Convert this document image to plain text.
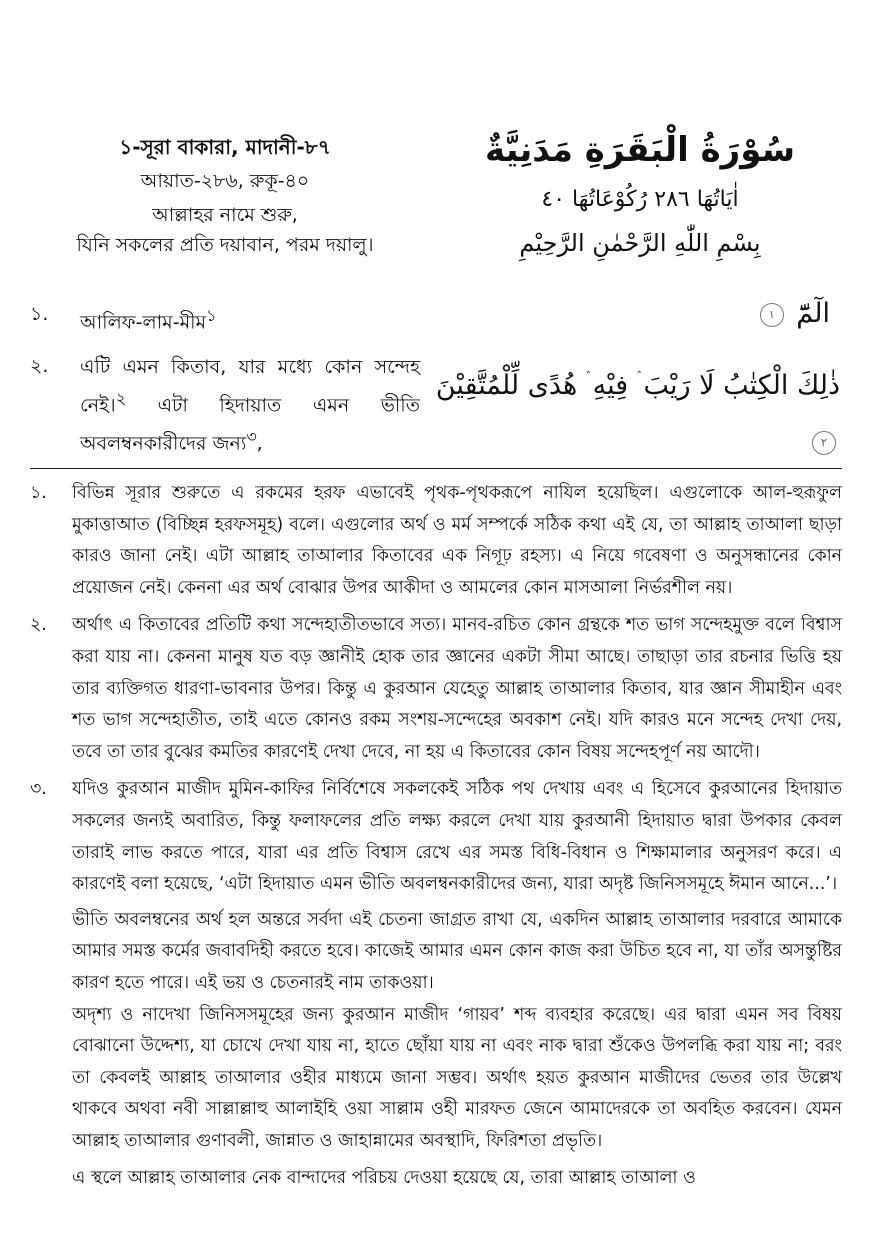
১-সূরা বাকারা, মাদানী-৮৭
আয়াত-২৮৬, রুকূ-৪০
আল্লাহর নামে শুরু,
যিনি সকলের প্রতি দয়াবান, পরম দয়ালু।
سُوْرَةُ الْبَقَرَةِ مَدَنِيَّةٌ
اٰيَاتُهَا ٢٨٦ رُكُوْعَاتُهَا ٤٠
بِسْمِ اللّٰهِ الرَّحْمٰنِ الرَّحِيْمِ
১. আলিফ-লাম-মীম$^১$	الٓمّٓ ١
২. এটি এমন কিতাব, যার মধ্যে কোন সন্দেহ নেই।$^২$ এটা হিদায়াত এমন ভীতি অবলম্বনকারীদের জন্য$^৩$,
ذٰلِكَ الْكِتٰبُ لَا رَيْبَ ۛ فِيْهِ ۛ هُدًى لِّلْمُتَّقِيْنَ ٢
১. বিভিন্ন সূরার শুরুতে এ রকমের হরফ এভাবেই পৃথক-পৃথকরূপে নাযিল হয়েছিল। এগুলোকে আল-হুরূফুল মুকাত্তাআত (বিচ্ছিন্ন হরফসমূহ) বলে। এগুলোর অর্থ ও মর্ম সম্পর্কে সঠিক কথা এই যে, তা আল্লাহ তাআলা ছাড়া কারও জানা নেই। এটা আল্লাহ তাআলার কিতাবের এক নিগূঢ় রহস্য। এ নিয়ে গবেষণা ও অনুসন্ধানের কোন প্রয়োজন নেই। কেননা এর অর্থ বোঝার উপর আকীদা ও আমলের কোন মাসআলা নির্ভরশীল নয়।
২. অর্থাৎ এ কিতাবের প্রতিটি কথা সন্দেহাতীতভাবে সত্য। মানব-রচিত কোন গ্রন্থকে শত ভাগ সন্দেহমুক্ত বলে বিশ্বাস করা যায় না। কেননা মানুষ যত বড় জ্ঞানীই হোক তার জ্ঞানের একটা সীমা আছে। তাছাড়া তার রচনার ভিত্তি হয় তার ব্যক্তিগত ধারণা-ভাবনার উপর। কিন্তু এ কুরআন যেহেতু আল্লাহ তাআলার কিতাব, যার জ্ঞান সীমাহীন এবং শত ভাগ সন্দেহাতীত, তাই এতে কোনও রকম সংশয়-সন্দেহের অবকাশ নেই। যদি কারও মনে সন্দেহ দেখা দেয়, তবে তা তার বুঝের কমতির কারণেই দেখা দেবে, না হয় এ কিতাবের কোন বিষয় সন্দেহপূর্ণ নয় আদৌ।
৩. যদিও কুরআন মাজীদ মুমিন-কাফির নির্বিশেষে সকলকেই সঠিক পথ দেখায় এবং এ হিসেবে কুরআনের হিদায়াত সকলের জন্যই অবারিত, কিন্তু ফলাফলের প্রতি লক্ষ্য করলে দেখা যায় কুরআনী হিদায়াত দ্বারা উপকার কেবল তারাই লাভ করতে পারে, যারা এর প্রতি বিশ্বাস রেখে এর সমস্ত বিধি-বিধান ও শিক্ষামালার অনুসরণ করে। এ কারণেই বলা হয়েছে, ‘এটা হিদায়াত এমন ভীতি অবলম্বনকারীদের জন্য, যারা অদৃষ্ট জিনিসসমূহে ঈমান আনে...’।
ভীতি অবলম্বনের অর্থ হল অন্তরে সর্বদা এই চেতনা জাগ্রত রাখা যে, একদিন আল্লাহ তাআলার দরবারে আমাকে আমার সমস্ত কর্মের জবাবদিহী করতে হবে। কাজেই আমার এমন কোন কাজ করা উচিত হবে না, যা তাঁর অসন্তুষ্টির কারণ হতে পারে। এই ভয় ও চেতনারই নাম তাকওয়া।
অদৃশ্য ও নাদেখা জিনিসসমূহের জন্য কুরআন মাজীদ ‘গায়ব’ শব্দ ব্যবহার করেছে। এর দ্বারা এমন সব বিষয় বোঝানো উদ্দেশ্য, যা চোখে দেখা যায় না, হাতে ছোঁয়া যায় না এবং নাক দ্বারা শুঁকেও উপলব্ধি করা যায় না; বরং তা কেবলই আল্লাহ তাআলার ওহীর মাধ্যমে জানা সম্ভব। অর্থাৎ হয়ত কুরআন মাজীদের ভেতর তার উল্লেখ থাকবে অথবা নবী সাল্লাল্লাহু আলাইহি ওয়া সাল্লাম ওহী মারফত জেনে আমাদেরকে তা অবহিত করবেন। যেমন আল্লাহ তাআলার গুণাবলী, জান্নাত ও জাহান্নামের অবস্থাদি, ফিরিশতা প্রভৃতি।
এ স্থলে আল্লাহ তাআলার নেক বান্দাদের পরিচয় দেওয়া হয়েছে যে, তারা আল্লাহ তাআলা ও
